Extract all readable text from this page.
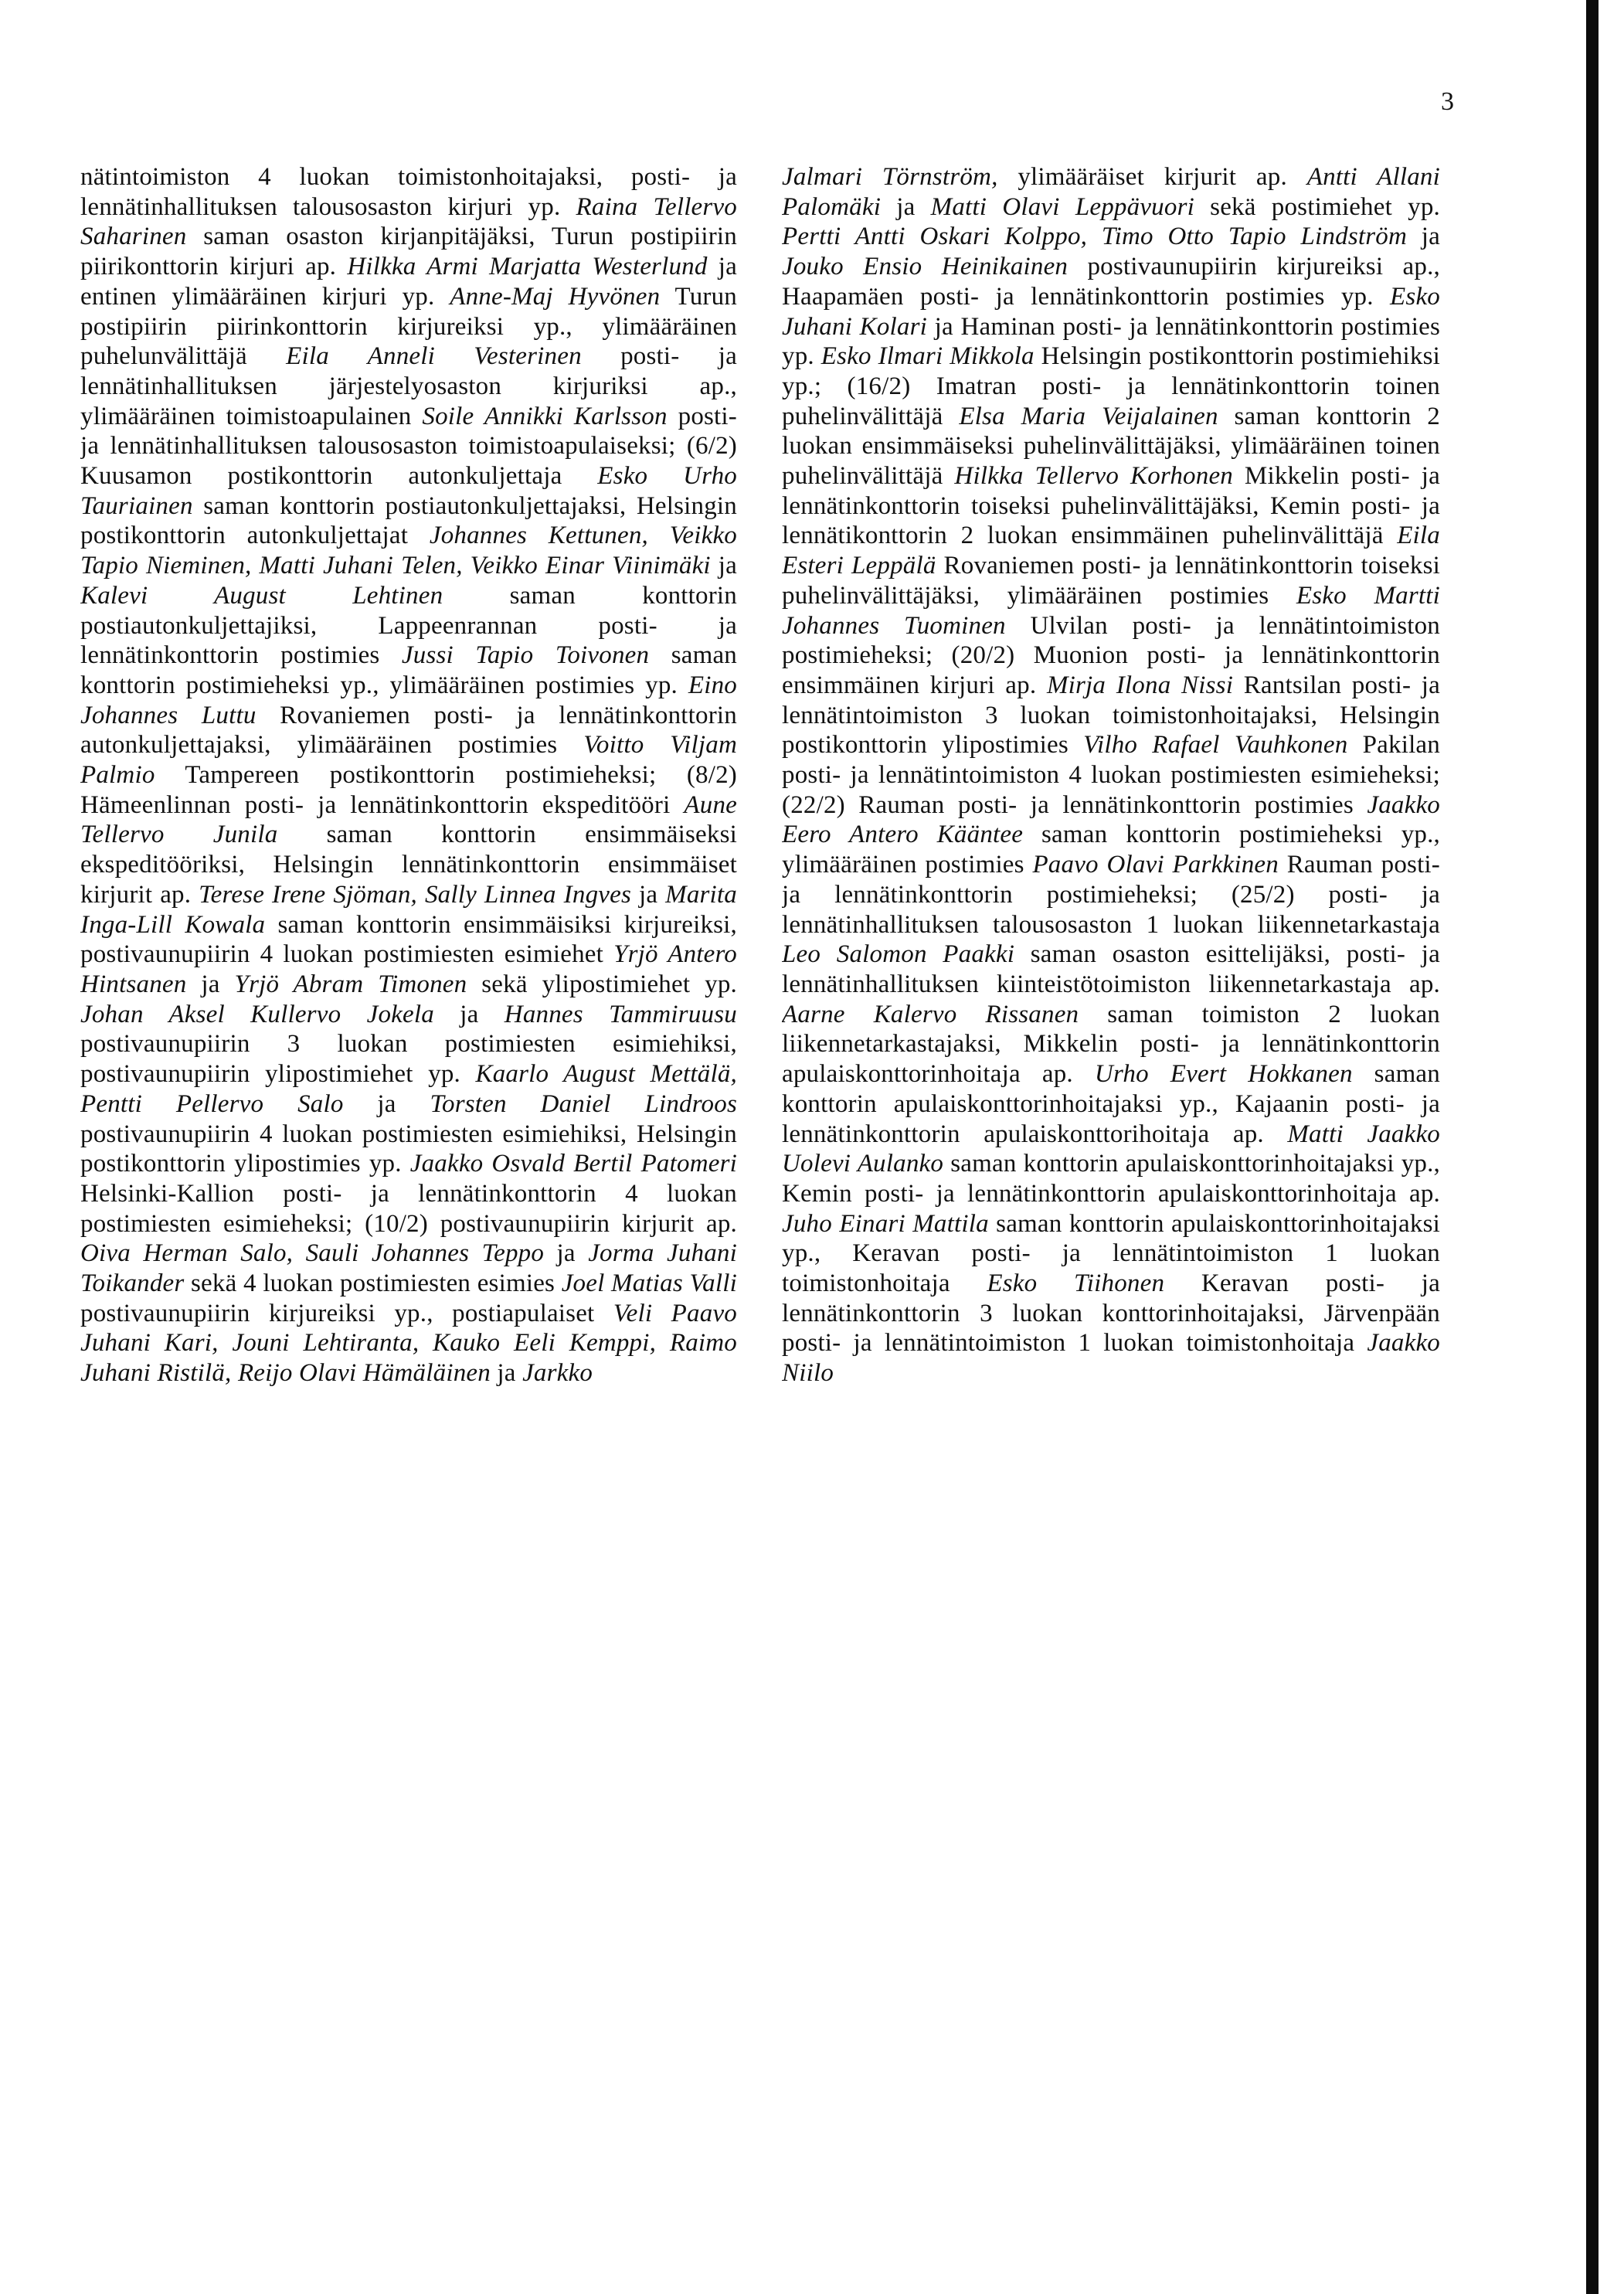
3

nätintoimiston 4 luokan toimistonhoitajaksi, posti- ja lennätinhallituksen talousosaston kirjuri yp. Raina Tellervo Saharinen saman osaston kirjanpitäjäksi, Turun postipiirin piirikonttorin kirjuri ap. Hilkka Armi Marjatta Westerlund ja entinen ylimääräinen kirjuri yp. Anne-Maj Hyvönen Turun postipiirin piirinkonttorin kirjureiksi yp., ylimääräinen puhelunvälittäjä Eila Anneli Vesterinen posti- ja lennätinhallituksen järjestelyosaston kirjuriksi ap., ylimääräinen toimistoapulainen Soile Annikki Karlsson posti- ja lennätinhallituksen talousosaston toimistoapulaiseksi; (6/2) Kuusamon postikonttorin autonkuljettaja Esko Urho Tauriainen saman konttorin postiautonkuljettajaksi, Helsingin postikonttorin autonkuljettajat Johannes Kettunen, Veikko Tapio Nieminen, Matti Juhani Telen, Veikko Einar Viinimäki ja Kalevi August Lehtinen saman konttorin postiautonkuljettajiksi, Lappeenrannan posti- ja lennätinkonttorin postimies Jussi Tapio Toivonen saman konttorin postimieheksi yp., ylimääräinen postimies yp. Eino Johannes Luttu Rovaniemen posti- ja lennätinkonttorin autonkuljettajaksi, ylimääräinen postimies Voitto Viljam Palmio Tampereen postikonttorin postimieheksi; (8/2) Hämeenlinnan posti- ja lennätinkonttorin ekspeditööri Aune Tellervo Junila saman konttorin ensimmäiseksi ekspeditööriksi, Helsingin lennätinkonttorin ensimmäiset kirjurit ap. Terese Irene Sjöman, Sally Linnea Ingves ja Marita Inga-Lill Kowala saman konttorin ensimmäisiksi kirjureiksi, postivaunupiirin 4 luokan postimiesten esimiehet Yrjö Antero Hintsanen ja Yrjö Abram Timonen sekä ylipostimiehet yp. Johan Aksel Kullervo Jokela ja Hannes Tammiruusu postivaunupiirin 3 luokan postimiesten esimiehiksi, postivaunupiirin ylipostimiehet yp. Kaarlo August Mettälä, Pentti Pellervo Salo ja Torsten Daniel Lindroos postivaunupiirin 4 luokan postimiesten esimiehiksi, Helsingin postikonttorin ylipostimies yp. Jaakko Osvald Bertil Patomeri Helsinki-Kallion posti- ja lennätinkonttorin 4 luokan postimiesten esimieheksi; (10/2) postivaunupiirin kirjurit ap. Oiva Herman Salo, Sauli Johannes Teppo ja Jorma Juhani Toikander sekä 4 luokan postimiesten esimies Joel Matias Valli postivaunupiirin kirjureiksi yp., postiapulaiset Veli Paavo Juhani Kari, Jouni Lehtiranta, Kauko Eeli Kemppi, Raimo Juhani Ristilä, Reijo Olavi Hämäläinen ja Jarkko

Jalmari Törnström, ylimääräiset kirjurit ap. Antti Allani Palomäki ja Matti Olavi Leppävuori sekä postimiehet yp. Pertti Antti Oskari Kolppo, Timo Otto Tapio Lindström ja Jouko Ensio Heinikainen postivaunupiirin kirjureiksi ap., Haapamäen posti- ja lennätinkonttorin postimies yp. Esko Juhani Kolari ja Haminan posti- ja lennätinkonttorin postimies yp. Esko Ilmari Mikkola Helsingin postikonttorin postimiehiksi yp.; (16/2) Imatran posti- ja lennätinkonttorin toinen puhelinvälittäjä Elsa Maria Veijalainen saman konttorin 2 luokan ensimmäiseksi puhelinvälittäjäksi, ylimääräinen toinen puhelinvälittäjä Hilkka Tellervo Korhonen Mikkelin posti- ja lennätinkonttorin toiseksi puhelinvälittäjäksi, Kemin posti- ja lennätikonttorin 2 luokan ensimmäinen puhelinvälittäjä Eila Esteri Leppälä Rovaniemen posti- ja lennätinkonttorin toiseksi puhelinvälittäjäksi, ylimääräinen postimies Esko Martti Johannes Tuominen Ulvilan posti- ja lennätintoimiston postimieheksi; (20/2) Muonion posti- ja lennätinkonttorin ensimmäinen kirjuri ap. Mirja Ilona Nissi Rantsilan posti- ja lennätintoimiston 3 luokan toimistonhoitajaksi, Helsingin postikonttorin ylipostimies Vilho Rafael Vauhkonen Pakilan posti- ja lennätintoimiston 4 luokan postimiesten esimieheksi; (22/2) Rauman posti- ja lennätinkonttorin postimies Jaakko Eero Antero Kääntee saman konttorin postimieheksi yp., ylimääräinen postimies Paavo Olavi Parkkinen Rauman posti- ja lennätinkonttorin postimieheksi; (25/2) posti- ja lennätinhallituksen talousosaston 1 luokan liikennetarkastaja Leo Salomon Paakki saman osaston esittelijäksi, posti- ja lennätinhallituksen kiinteistötoimiston liikennetarkastaja ap. Aarne Kalervo Rissanen saman toimiston 2 luokan liikennetarkastajaksi, Mikkelin posti- ja lennätinkonttorin apulaiskonttorinhoitaja ap. Urho Evert Hokkanen saman konttorin apulaiskonttorinhoitajaksi yp., Kajaanin posti- ja lennätinkonttorin apulaiskonttorihoitaja ap. Matti Jaakko Uolevi Aulanko saman konttorin apulaiskonttorinhoitajaksi yp., Kemin posti- ja lennätinkonttorin apulaiskonttorinhoitaja ap. Juho Einari Mattila saman konttorin apulaiskonttorinhoitajaksi yp., Keravan posti- ja lennätintoimiston 1 luokan toimistonhoitaja Esko Tiihonen Keravan posti- ja lennätinkonttorin 3 luokan konttorinhoitajaksi, Järvenpään posti- ja lennätintoimiston 1 luokan toimistonhoitaja Jaakko Niilo
